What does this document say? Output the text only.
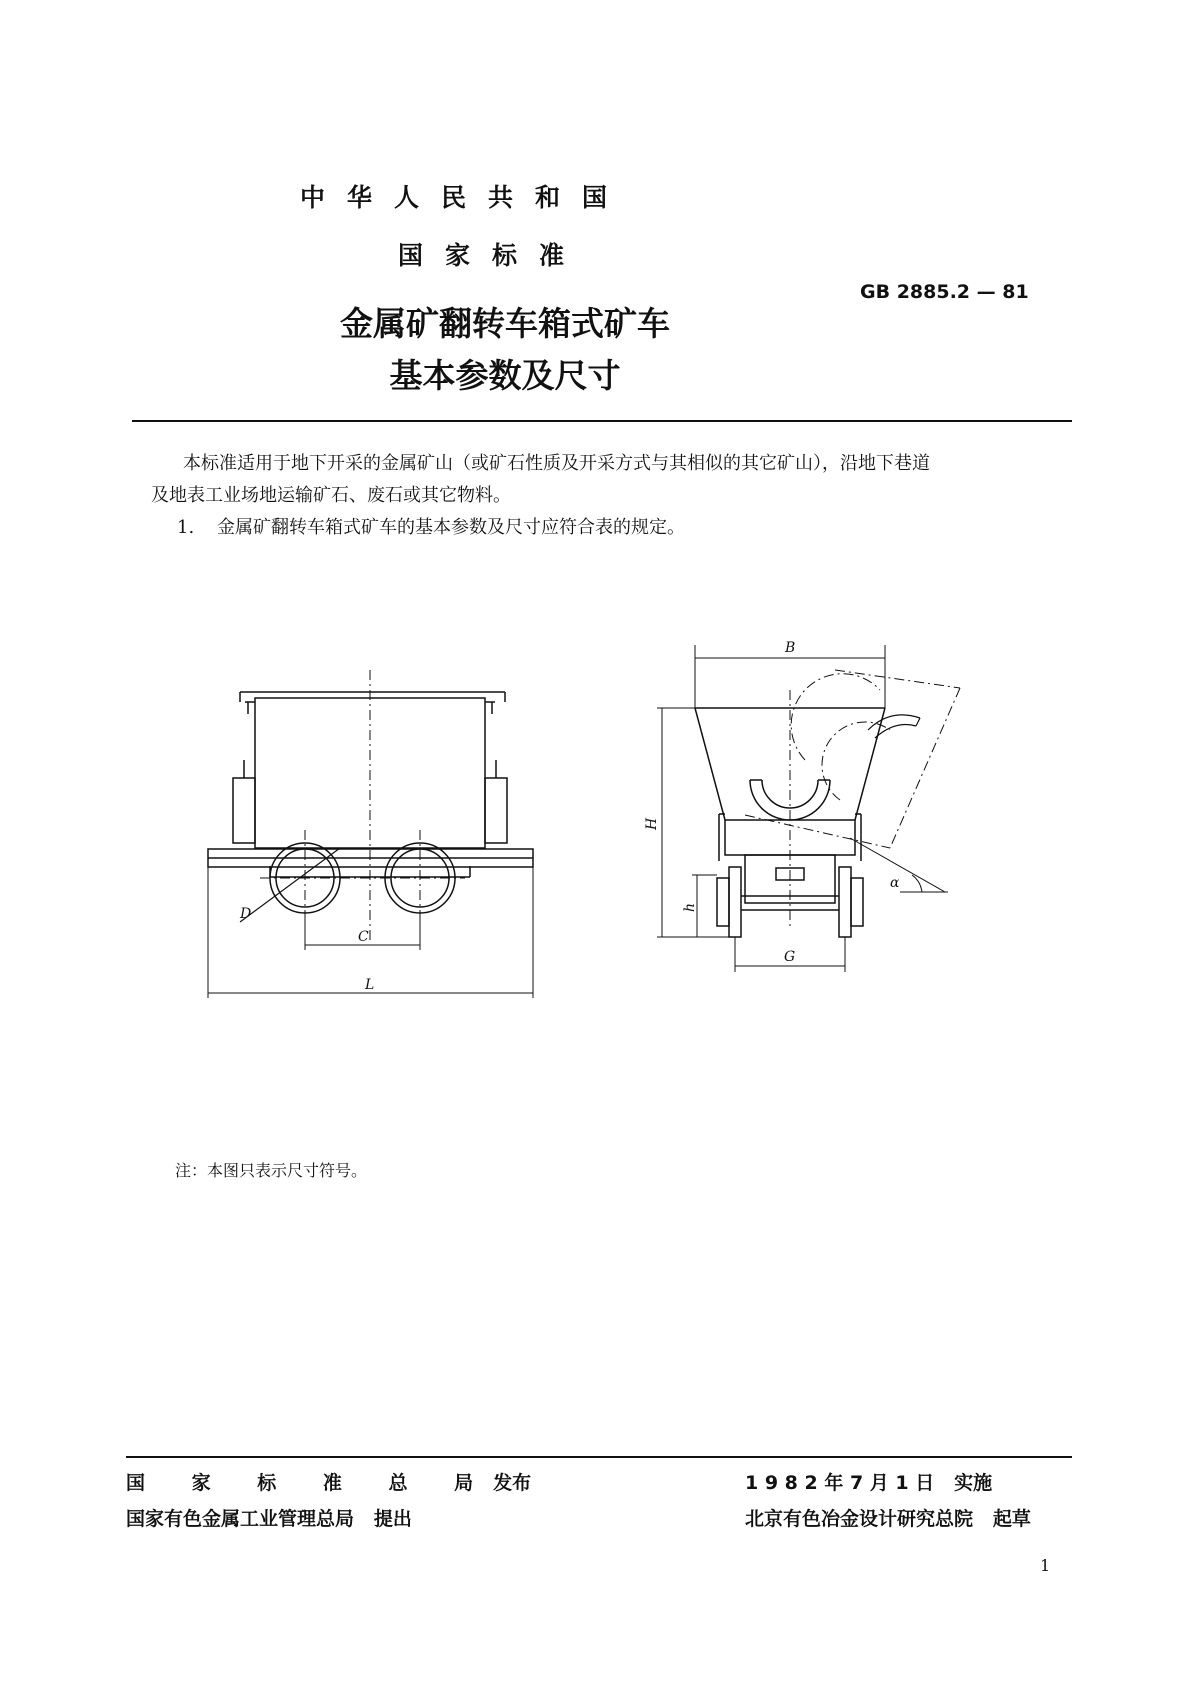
中华人民共和国
国家标准
GB 2885.2 — 81
金属矿翻转车箱式矿车
基本参数及尺寸

本标准适用于地下开采的金属矿山（或矿石性质及开采方式与其相似的其它矿山），沿地下巷道

及地表工业场地运输矿石、废石或其它物料。

1. 金属矿翻转车箱式矿车的基本参数及尺寸应符合表的规定。

D
C
L
B
α
H
h
G
注：本图只表示尺寸符号。
国 家 标 准 总 局发布
国家有色金属工业管理总局 提出
1 9 8 2 年 7 月 1 日 实施
北京有色冶金设计研究总院 起草
1
